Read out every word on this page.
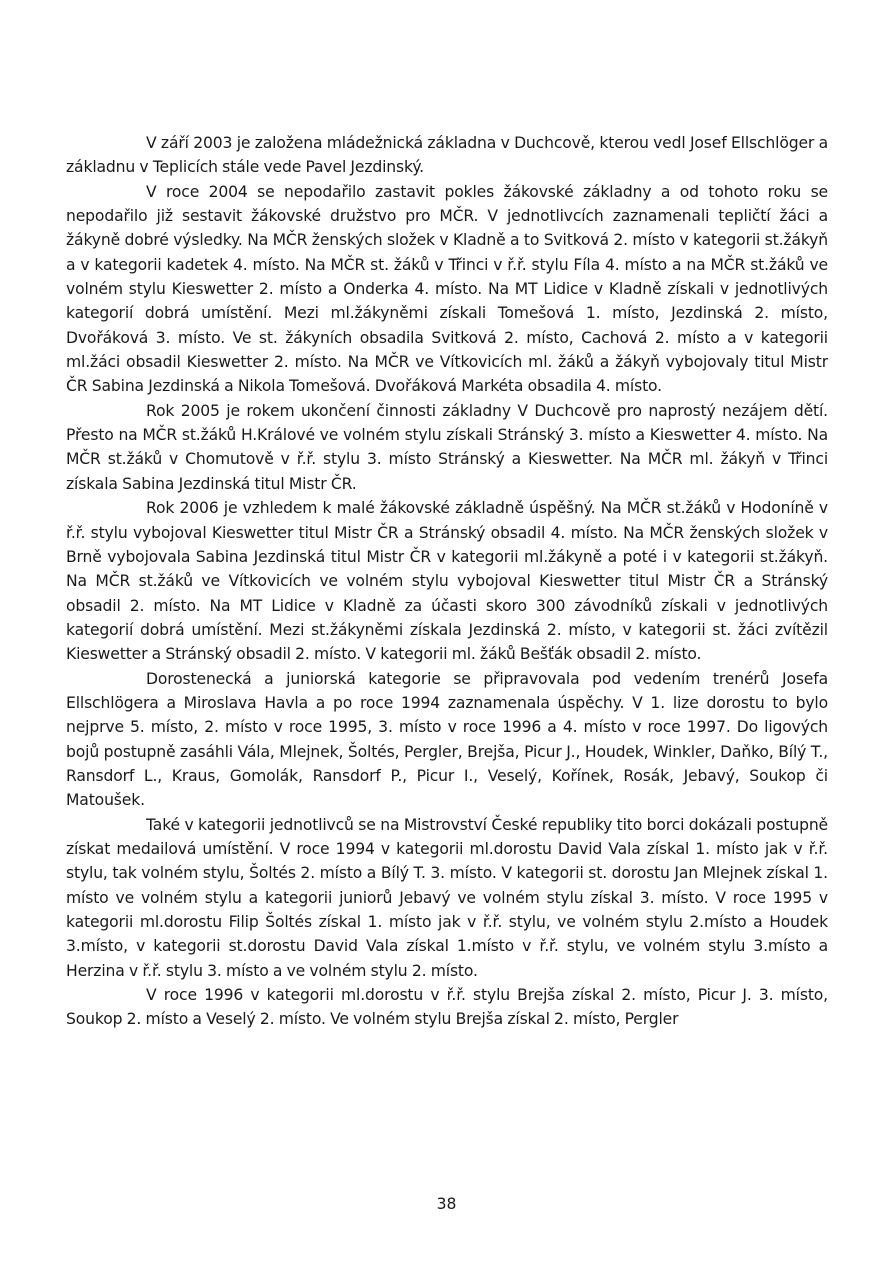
V září 2003 je založena mládežnická základna v Duchcově, kterou vedl Josef Ellschlöger a základnu v Teplicích stále vede Pavel Jezdinský.

V roce 2004 se nepodařilo zastavit pokles žákovské základny a od tohoto roku se nepodařilo již sestavit žákovské družstvo pro MČR. V jednotlivcích zaznamenali tepličtí žáci a žákyně dobré výsledky. Na MČR ženských složek v Kladně a to Svitková 2. místo v kategorii st.žákyň a v kategorii kadetek 4. místo. Na MČR st. žáků v Třinci v ř.ř. stylu Fíla 4. místo a na MČR st.žáků ve volném stylu Kieswetter 2. místo a Onderka 4. místo. Na MT Lidice v Kladně získali v jednotlivých kategorií dobrá umístění. Mezi ml.žákyněmi získali Tomešová 1. místo, Jezdinská 2. místo, Dvořáková 3. místo. Ve st. žákyních obsadila Svitková 2. místo, Cachová 2. místo a v kategorii ml.žáci obsadil Kieswetter 2. místo. Na MČR ve Vítkovicích ml. žáků a žákyň vybojovaly titul Mistr ČR Sabina Jezdinská a Nikola Tomešová. Dvořáková Markéta obsadila 4. místo.

Rok 2005 je rokem ukončení činnosti základny V Duchcově pro naprostý nezájem dětí. Přesto na MČR st.žáků H.Králové ve volném stylu získali Stránský 3. místo a Kieswetter 4. místo. Na MČR st.žáků v Chomutově v ř.ř. stylu 3. místo Stránský a Kieswetter. Na MČR ml. žákyň v Třinci získala Sabina Jezdinská titul Mistr ČR.

Rok 2006 je vzhledem k malé žákovské základně úspěšný. Na MČR st.žáků v Hodoníně v ř.ř. stylu vybojoval Kieswetter titul Mistr ČR a Stránský obsadil 4. místo. Na MČR ženských složek v Brně vybojovala Sabina Jezdinská titul Mistr ČR v kategorii ml.žákyně a poté i v kategorii st.žákyň. Na MČR st.žáků ve Vítkovicích ve volném stylu vybojoval Kieswetter titul Mistr ČR a Stránský obsadil 2. místo. Na MT Lidice v Kladně za účasti skoro 300 závodníků získali v jednotlivých kategorií dobrá umístění. Mezi st.žákyněmi získala Jezdinská 2. místo, v kategorii st. žáci zvítězil Kieswetter a Stránský obsadil 2. místo. V kategorii ml. žáků Bešťák obsadil 2. místo.

Dorostenecká a juniorská kategorie se připravovala pod vedením trenérů Josefa Ellschlögera a Miroslava Havla a po roce 1994 zaznamenala úspěchy. V 1. lize dorostu to bylo nejprve 5. místo, 2. místo v roce 1995, 3. místo v roce 1996 a 4. místo v roce 1997. Do ligových bojů postupně zasáhli Vála, Mlejnek, Šoltés, Pergler, Brejša, Picur J., Houdek, Winkler, Daňko, Bílý T., Ransdorf L., Kraus, Gomolák, Ransdorf P., Picur I., Veselý, Kořínek, Rosák, Jebavý, Soukop či Matoušek.

Také v kategorii jednotlivců se na Mistrovství České republiky tito borci dokázali postupně získat medailová umístění. V roce 1994 v kategorii ml.dorostu David Vala získal 1. místo jak v ř.ř. stylu, tak volném stylu, Šoltés 2. místo a Bílý T. 3. místo. V kategorii st. dorostu Jan Mlejnek získal 1. místo ve volném stylu a kategorii juniorů Jebavý ve volném stylu získal 3. místo. V roce 1995 v kategorii ml.dorostu Filip Šoltés získal 1. místo jak v ř.ř. stylu, ve volném stylu 2.místo a Houdek 3.místo, v kategorii st.dorostu David Vala získal 1.místo v ř.ř. stylu, ve volném stylu 3.místo a Herzina v ř.ř. stylu 3. místo a ve volném stylu 2. místo.

V roce 1996 v kategorii ml.dorostu v ř.ř. stylu Brejša získal 2. místo, Picur J. 3. místo, Soukop 2. místo a Veselý 2. místo. Ve volném stylu Brejša získal 2. místo, Pergler

38
